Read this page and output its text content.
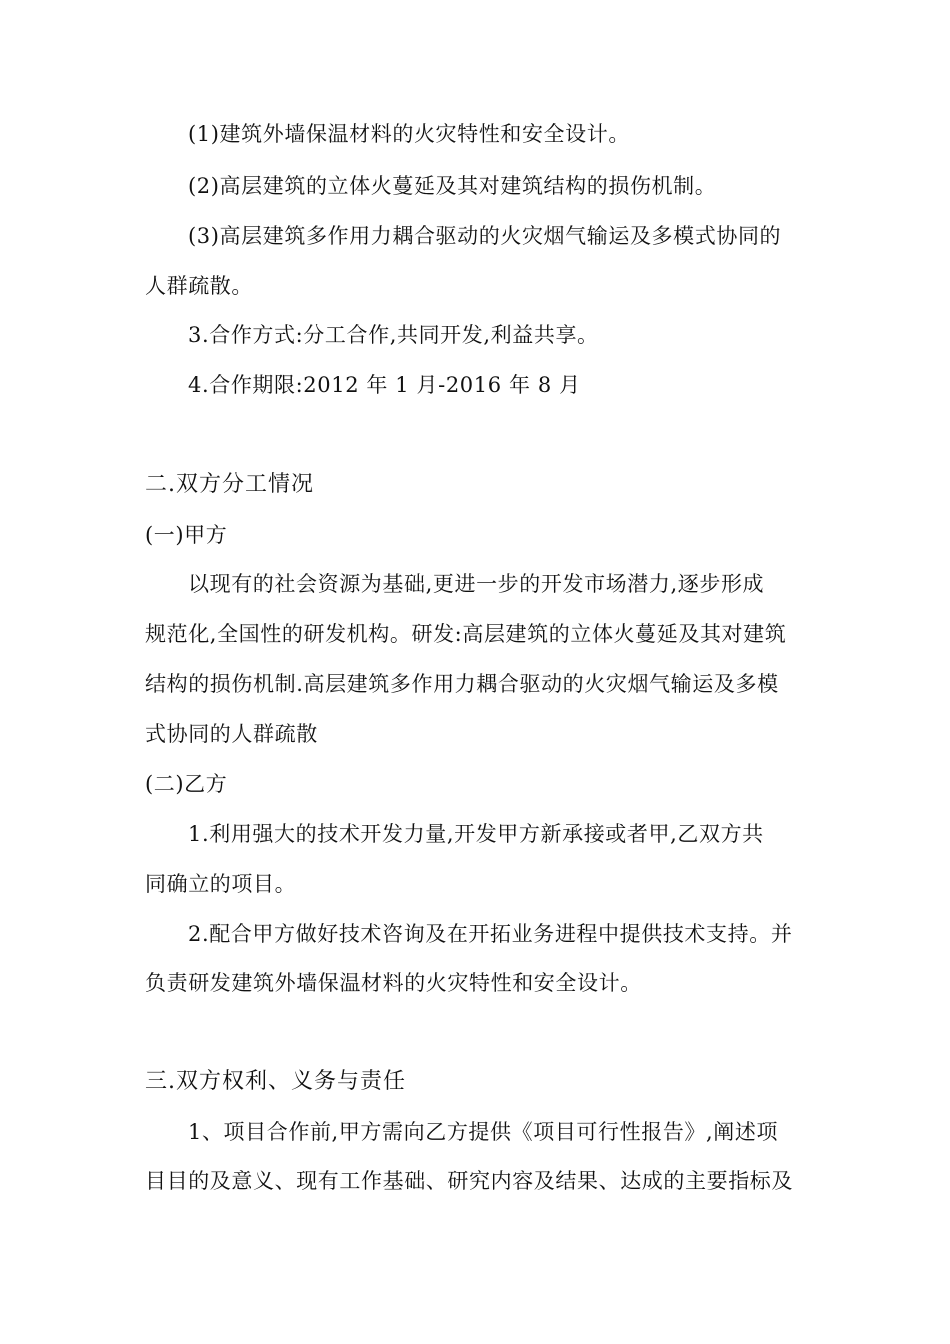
(1)建筑外墙保温材料的火灾特性和安全设计。
(2)高层建筑的立体火蔓延及其对建筑结构的损伤机制。
(3)高层建筑多作用力耦合驱动的火灾烟气输运及多模式协同的
人群疏散。
3.合作方式:分工合作,共同开发,利益共享。
4.合作期限:2012 年 1 月-2016 年 8 月
二.双方分工情况
(一)甲方
以现有的社会资源为基础,更进一步的开发市场潜力,逐步形成
规范化,全国性的研发机构。研发:高层建筑的立体火蔓延及其对建筑
结构的损伤机制.高层建筑多作用力耦合驱动的火灾烟气输运及多模
式协同的人群疏散
(二)乙方
1.利用强大的技术开发力量,开发甲方新承接或者甲,乙双方共
同确立的项目。
2.配合甲方做好技术咨询及在开拓业务进程中提供技术支持。并
负责研发建筑外墙保温材料的火灾特性和安全设计。
三.双方权利、义务与责任
1、项目合作前,甲方需向乙方提供《项目可行性报告》,阐述项
目目的及意义、现有工作基础、研究内容及结果、达成的主要指标及
